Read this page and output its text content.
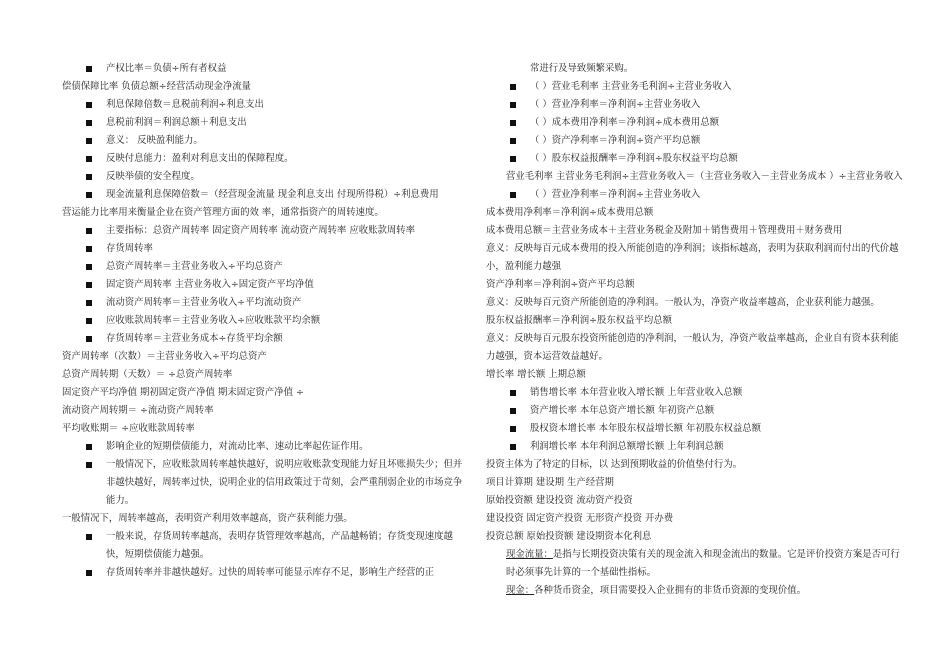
产权比率＝负债÷所有者权益
偿债保障比率 负债总额÷经营活动现金净流量
利息保障倍数＝息税前利润÷利息支出
息税前利润＝利润总额＋利息支出
意义： 反映盈利能力。
反映付息能力：盈利对利息支出的保障程度。
反映举债的安全程度。
现金流量利息保障倍数＝（经营现金流量 现金利息支出 付现所得税）÷利息费用
营运能力比率用来衡量企业在资产管理方面的效 率，通常指资产的周转速度。
主要指标：总资产周转率 固定资产周转率 流动资产周转率 应收账款周转率
存货周转率
总资产周转率＝主营业务收入÷平均总资产
固定资产周转率 主营业务收入÷固定资产平均净值
流动资产周转率＝主营业务收入÷平均流动资产
应收账款周转率＝主营业务收入÷应收账款平均余额
存货周转率＝主营业务成本÷存货平均余额
资产周转率（次数）＝主营业务收入÷平均总资产
总资产周转期（天数）＝ ÷总资产周转率
固定资产平均净值 期初固定资产净值 期末固定资产净值 ÷
流动资产周转期＝ ÷流动资产周转率
平均收账期＝ ÷应收账款周转率
影响企业的短期偿债能力，对流动比率、速动比率起佐证作用。
一般情况下，应收账款周转率越快越好，说明应收账款变现能力好且坏账损失少；但并非越快越好，周转率过快，说明企业的信用政策过于苛刻，会严重削弱企业的市场竞争能力。
一般情况下，周转率越高，表明资产利用效率越高，资产获利能力强。
一般来说，存货周转率越高，表明存货管理效率越高，产品越畅销；存货变现速度越快，短期偿债能力越强。
存货周转率并非越快越好。过快的周转率可能显示库存不足，影响生产经营的正
常进行及导致频繁采购。
（ ）营业毛利率 主营业务毛利润÷主营业务收入
（ ）营业净利率＝净利润÷主营业务收入
（ ）成本费用净利率＝净利润÷成本费用总额
（ ）资产净利率＝净利润÷资产平均总额
（ ）股东权益报酬率＝净利润÷股东权益平均总额
营业毛利率 主营业务毛利润÷主营业务收入＝（主营业务收入－主营业务成本 ）÷主营业务收入
（ ）营业净利率＝净利润÷主营业务收入
成本费用净利率＝净利润÷成本费用总额
成本费用总额＝主营业务成本＋主营业务税金及附加＋销售费用＋管理费用＋财务费用
意义：反映每百元成本费用的投入所能创造的净利润；该指标越高，表明为获取利润而付出的代价越小，盈利能力越强
资产净利率＝净利润÷资产平均总额
意义：反映每百元资产所能创造的净利润。一般认为，净资产收益率越高，企业获利能力越强。
股东权益报酬率＝净利润÷股东权益平均总额
意义：反映每百元股东投资所能创造的净利润，一般认为，净资产收益率越高，企业自有资本获利能力越强，资本运营效益越好。
增长率 增长额 上期总额
销售增长率 本年营业收入增长额 上年营业收入总额
资产增长率 本年总资产增长额 年初资产总额
股权资本增长率 本年股东权益增长额 年初股东权益总额
利润增长率 本年利润总额增长额 上年利润总额
投资主体为了特定的目标，以 达到预期收益的价值垫付行为。
项目计算期 建设期 生产经营期
原始投资额 建设投资 流动资产投资
建设投资 固定资产投资 无形资产投资 开办费
投资总额 原始投资额 建设期资本化利息
现金流量：是指与长期投资决策有关的现金流入和现金流出的数量。它是评价投资方案是否可行时必须事先计算的一个基础性指标。
现金：各种货币资金，项目需要投入企业拥有的非货币资源的变现价值。
